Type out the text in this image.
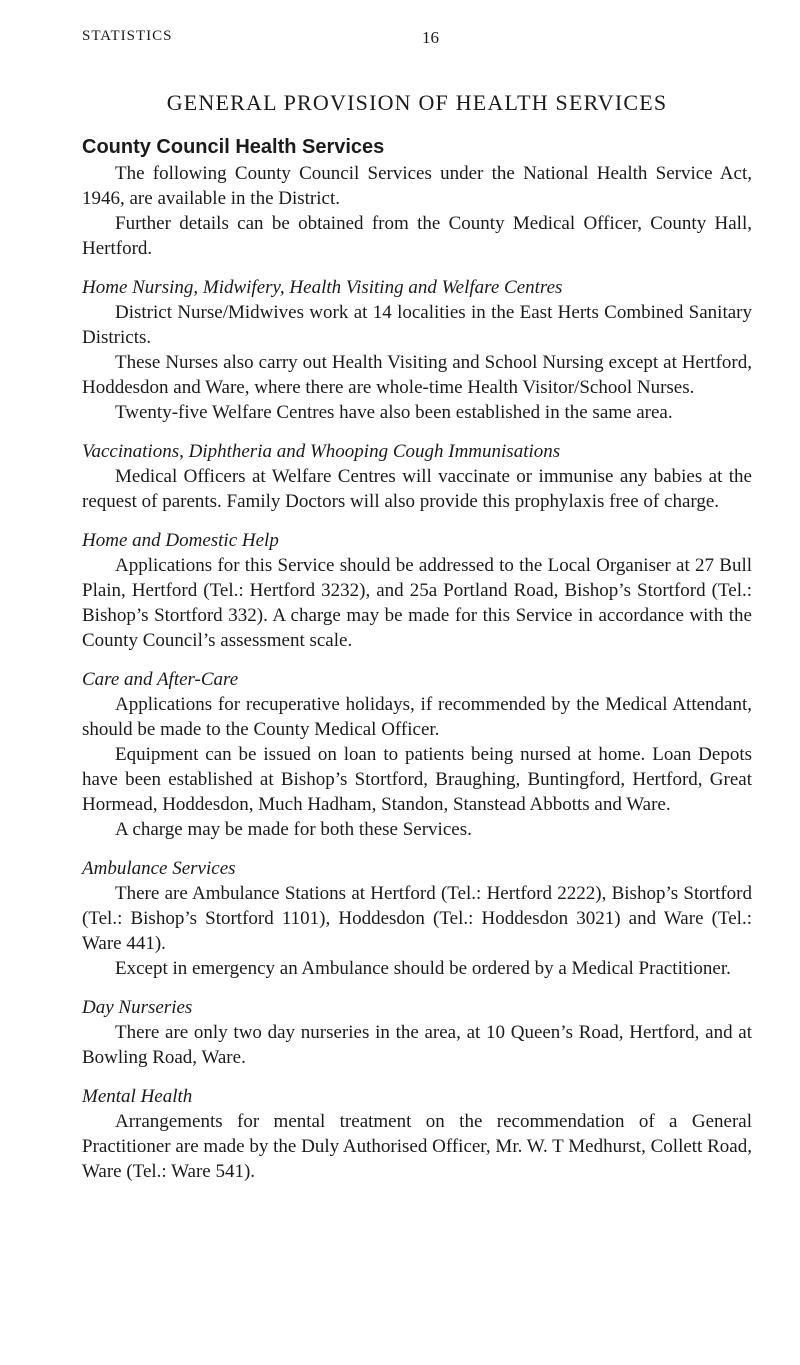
STATISTICS	16
GENERAL PROVISION OF HEALTH SERVICES
County Council Health Services

The following County Council Services under the National Health Service Act, 1946, are available in the District.

Further details can be obtained from the County Medical Officer, County Hall, Hertford.

Home Nursing, Midwifery, Health Visiting and Welfare Centres

District Nurse/Midwives work at 14 localities in the East Herts Combined Sanitary Districts.

These Nurses also carry out Health Visiting and School Nursing except at Hertford, Hoddesdon and Ware, where there are whole-time Health Visitor/School Nurses.

Twenty-five Welfare Centres have also been established in the same area.

Vaccinations, Diphtheria and Whooping Cough Immunisations

Medical Officers at Welfare Centres will vaccinate or immunise any babies at the request of parents. Family Doctors will also provide this prophylaxis free of charge.

Home and Domestic Help

Applications for this Service should be addressed to the Local Organiser at 27 Bull Plain, Hertford (Tel.: Hertford 3232), and 25a Portland Road, Bishop’s Stortford (Tel.: Bishop’s Stortford 332). A charge may be made for this Service in accordance with the County Council’s assessment scale.

Care and After-Care

Applications for recuperative holidays, if recommended by the Medical Attendant, should be made to the County Medical Officer.

Equipment can be issued on loan to patients being nursed at home. Loan Depots have been established at Bishop’s Stortford, Braughing, Buntingford, Hertford, Great Hormead, Hoddesdon, Much Hadham, Standon, Stanstead Abbotts and Ware.

A charge may be made for both these Services.

Ambulance Services

There are Ambulance Stations at Hertford (Tel.: Hertford 2222), Bishop’s Stortford (Tel.: Bishop’s Stortford 1101), Hoddesdon (Tel.: Hoddesdon 3021) and Ware (Tel.: Ware 441).

Except in emergency an Ambulance should be ordered by a Medical Practitioner.

Day Nurseries

There are only two day nurseries in the area, at 10 Queen’s Road, Hertford, and at Bowling Road, Ware.

Mental Health

Arrangements for mental treatment on the recommendation of a General Practitioner are made by the Duly Authorised Officer, Mr. W. T Medhurst, Collett Road, Ware (Tel.: Ware 541).
